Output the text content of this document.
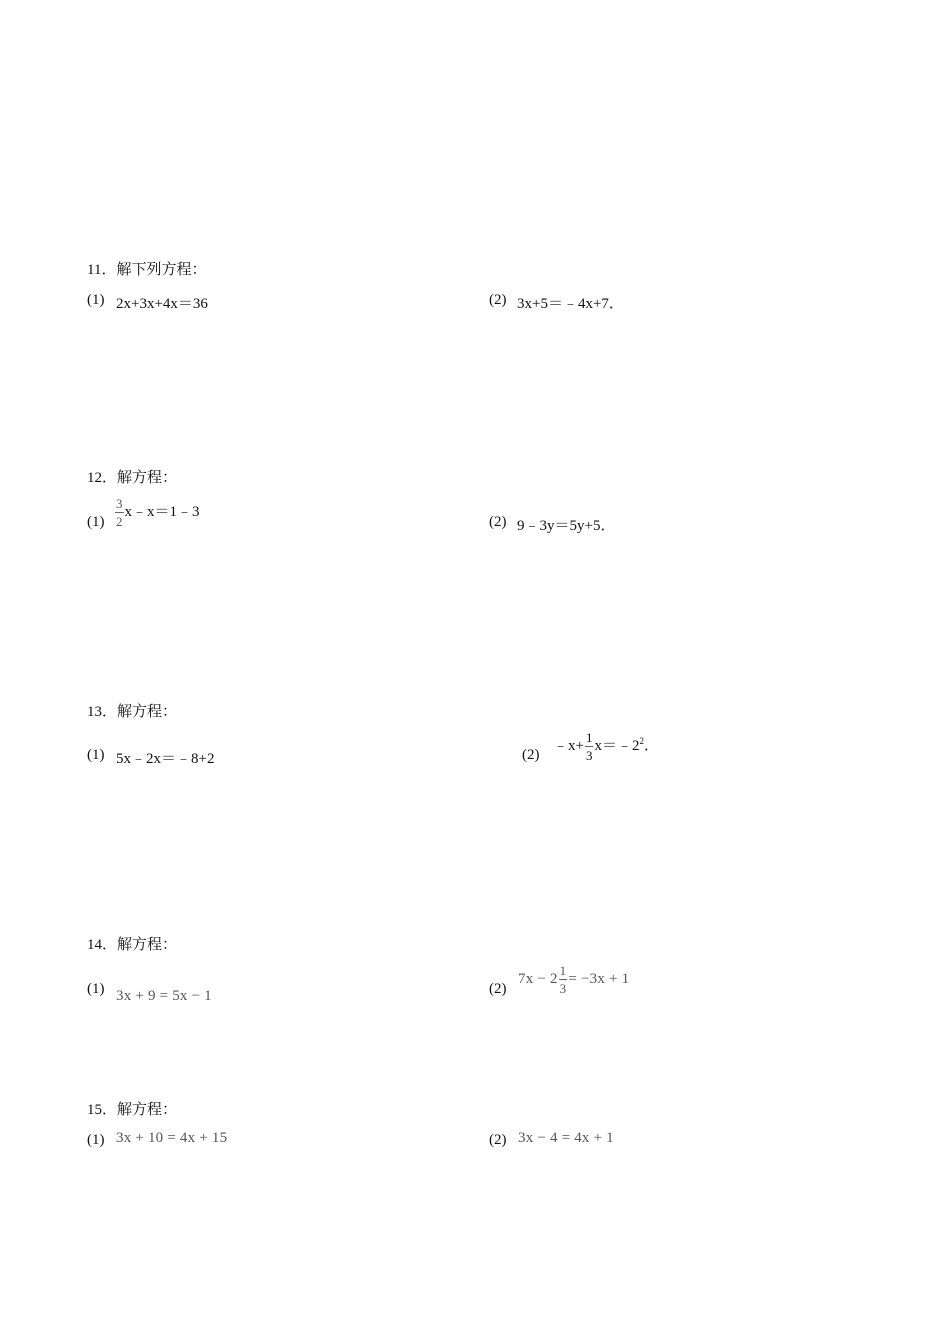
11．解下列方程：
(1) 2x+3x+4x＝36	(2) 3x+5＝﹣4x+7．
12．解方程：
$(1) \frac{3}{2}$ x﹣x＝1﹣3
(2) 9﹣3y＝5y+5．
13．解方程：
(1) 5x﹣2x＝﹣8+2	(2)
﹣x+ $\frac{1}{3}$ $x=﹣2^2$．
14．解方程：
(1) 3x + 9 = 5x − 1	(2)
$7x - 2 \frac{1}{3} = -3x + 1$
15．解方程：
(1) 3x + 10 = 4x + 15	(2) 3x − 4 = 4x + 1
